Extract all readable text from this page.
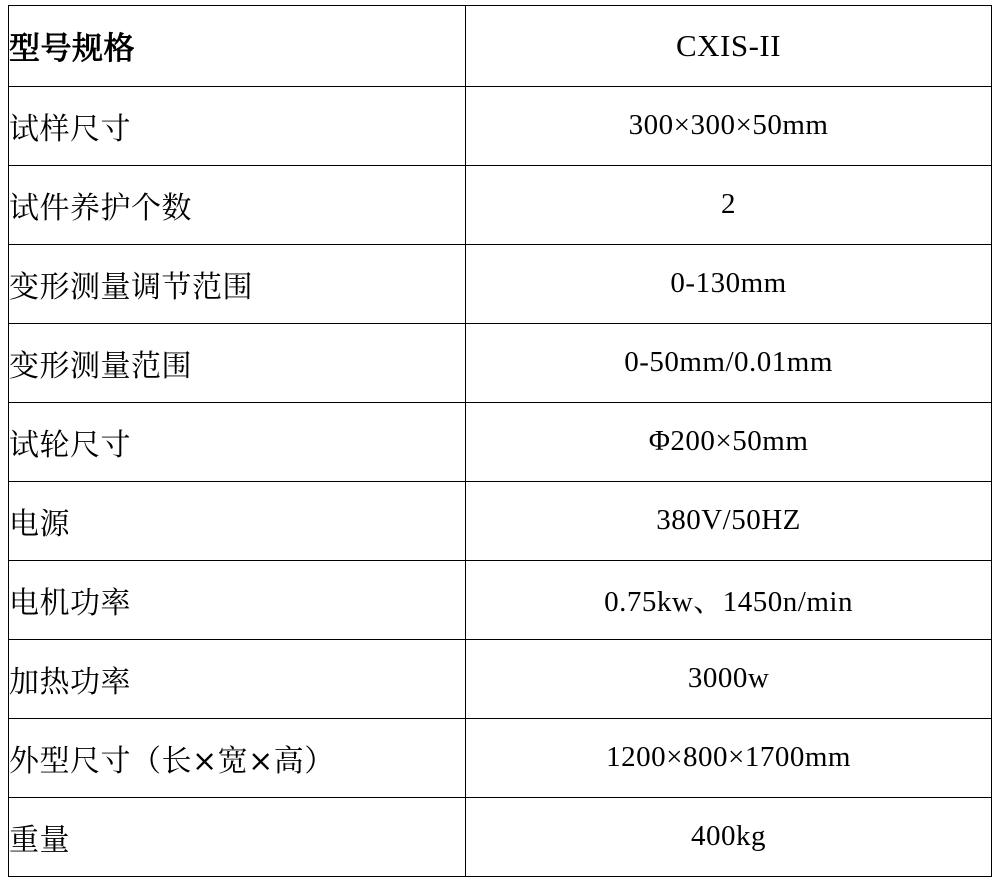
型号规格	CXIS-II
试样尺寸	300×300×50mm
试件养护个数	2
变形测量调节范围	0-130mm
变形测量范围	0-50mm/0.01mm
试轮尺寸	Φ200×50mm
电源	380V/50HZ
电机功率	0.75kw、1450n/min
加热功率	3000w
外型尺寸（长×宽×高）	1200×800×1700mm
重量	400kg
